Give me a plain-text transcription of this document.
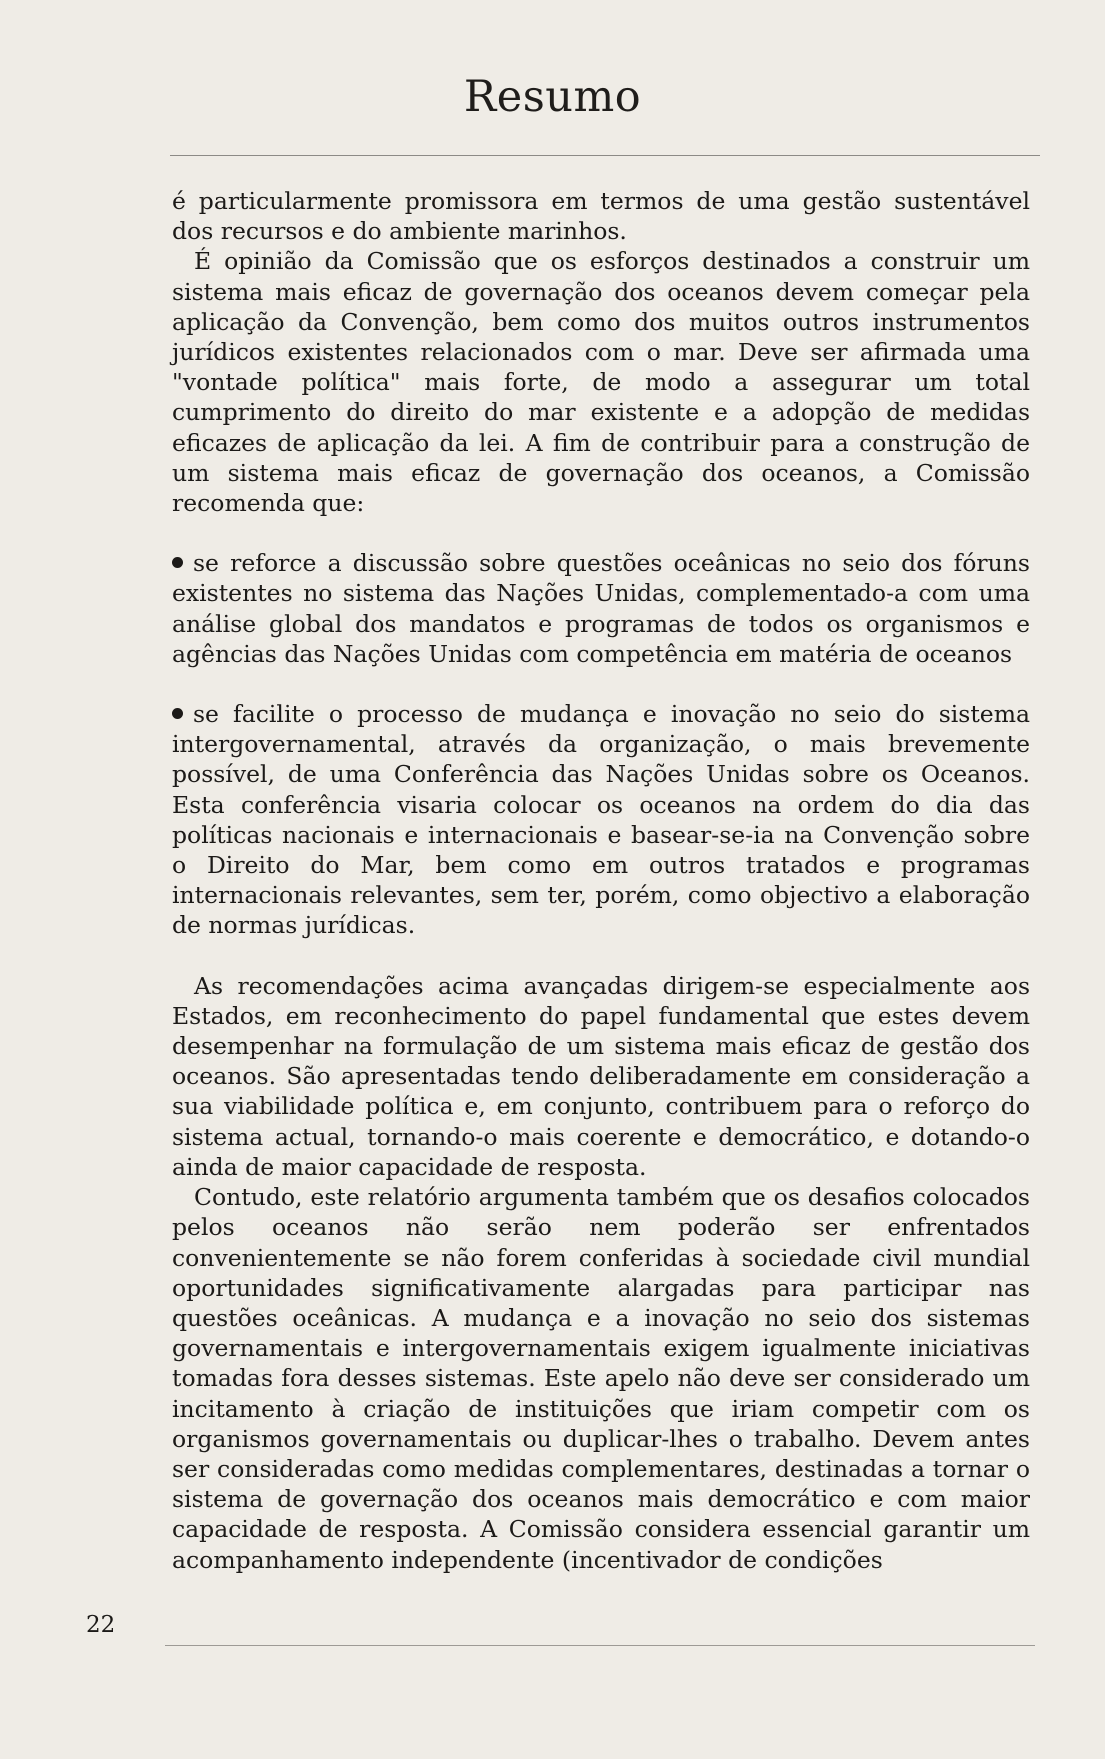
Resumo

é particularmente promissora em termos de uma gestão sustentável dos recursos e do ambiente marinhos.

É opinião da Comissão que os esforços destinados a construir um sistema mais eficaz de governação dos oceanos devem começar pela aplicação da Convenção, bem como dos muitos outros instrumentos jurídicos existentes relacionados com o mar. Deve ser afirmada uma "vontade política" mais forte, de modo a assegurar um total cumprimento do direito do mar existente e a adopção de medidas eficazes de aplicação da lei. A fim de contribuir para a construção de um sistema mais eficaz de governação dos oceanos, a Comissão recomenda que:

se reforce a discussão sobre questões oceânicas no seio dos fóruns existentes no sistema das Nações Unidas, complementado-a com uma análise global dos mandatos e programas de todos os organismos e agências das Nações Unidas com competência em matéria de oceanos

se facilite o processo de mudança e inovação no seio do sistema intergovernamental, através da organização, o mais brevemente possível, de uma Conferência das Nações Unidas sobre os Oceanos. Esta conferência visaria colocar os oceanos na ordem do dia das políticas nacionais e internacionais e basear-se-ia na Convenção sobre o Direito do Mar, bem como em outros tratados e programas internacionais relevantes, sem ter, porém, como objectivo a elaboração de normas jurídicas.

As recomendações acima avançadas dirigem-se especialmente aos Estados, em reconhecimento do papel fundamental que estes devem desempenhar na formulação de um sistema mais eficaz de gestão dos oceanos. São apresentadas tendo deliberadamente em consideração a sua viabilidade política e, em conjunto, contribuem para o reforço do sistema actual, tornando-o mais coerente e democrático, e dotando-o ainda de maior capacidade de resposta.

Contudo, este relatório argumenta também que os desafios colocados pelos oceanos não serão nem poderão ser enfrentados convenientemente se não forem conferidas à sociedade civil mundial oportunidades significativamente alargadas para participar nas questões oceânicas. A mudança e a inovação no seio dos sistemas governamentais e intergovernamentais exigem igualmente iniciativas tomadas fora desses sistemas. Este apelo não deve ser considerado um incitamento à criação de instituições que iriam competir com os organismos governamentais ou duplicar-lhes o trabalho. Devem antes ser consideradas como medidas complementares, destinadas a tornar o sistema de governação dos oceanos mais democrático e com maior capacidade de resposta. A Comissão considera essencial garantir um acompanhamento independente (incentivador de condições

22
